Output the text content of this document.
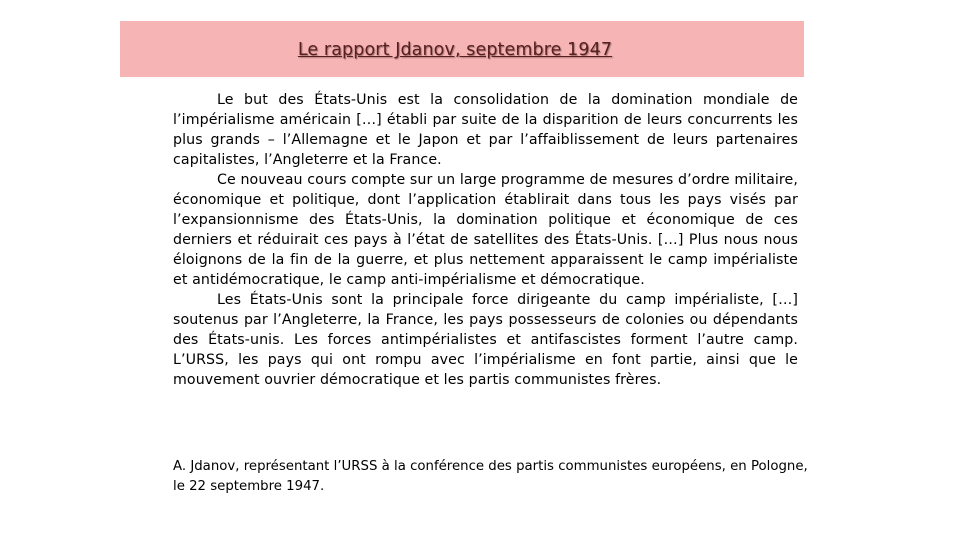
Le rapport Jdanov, septembre 1947

Le but des États-Unis est la consolidation de la domination mondiale de l’impérialisme américain […] établi par suite de la disparition de leurs concurrents les plus grands – l’Allemagne et le Japon et par l’affaiblissement de leurs partenaires capitalistes, l’Angleterre et la France.

Ce nouveau cours compte sur un large programme de mesures d’ordre militaire, économique et politique, dont l’application établirait dans tous les pays visés par l’expansionnisme des États-Unis, la domination politique et économique de ces derniers et réduirait ces pays à l’état de satellites des États-Unis. […] Plus nous nous éloignons de la fin de la guerre, et plus nettement apparaissent le camp impérialiste et antidémocratique, le camp anti-impérialisme et démocratique.

Les États-Unis sont la principale force dirigeante du camp impérialiste, […] soutenus par l’Angleterre, la France, les pays possesseurs de colonies ou dépendants des États-unis. Les forces antimpérialistes et antifascistes forment l’autre camp. L’URSS, les pays qui ont rompu avec l’impérialisme en font partie, ainsi que le mouvement ouvrier démocratique et les partis communistes frères.

A. Jdanov, représentant l’URSS à la conférence des partis communistes européens, en Pologne, le 22 septembre 1947.
